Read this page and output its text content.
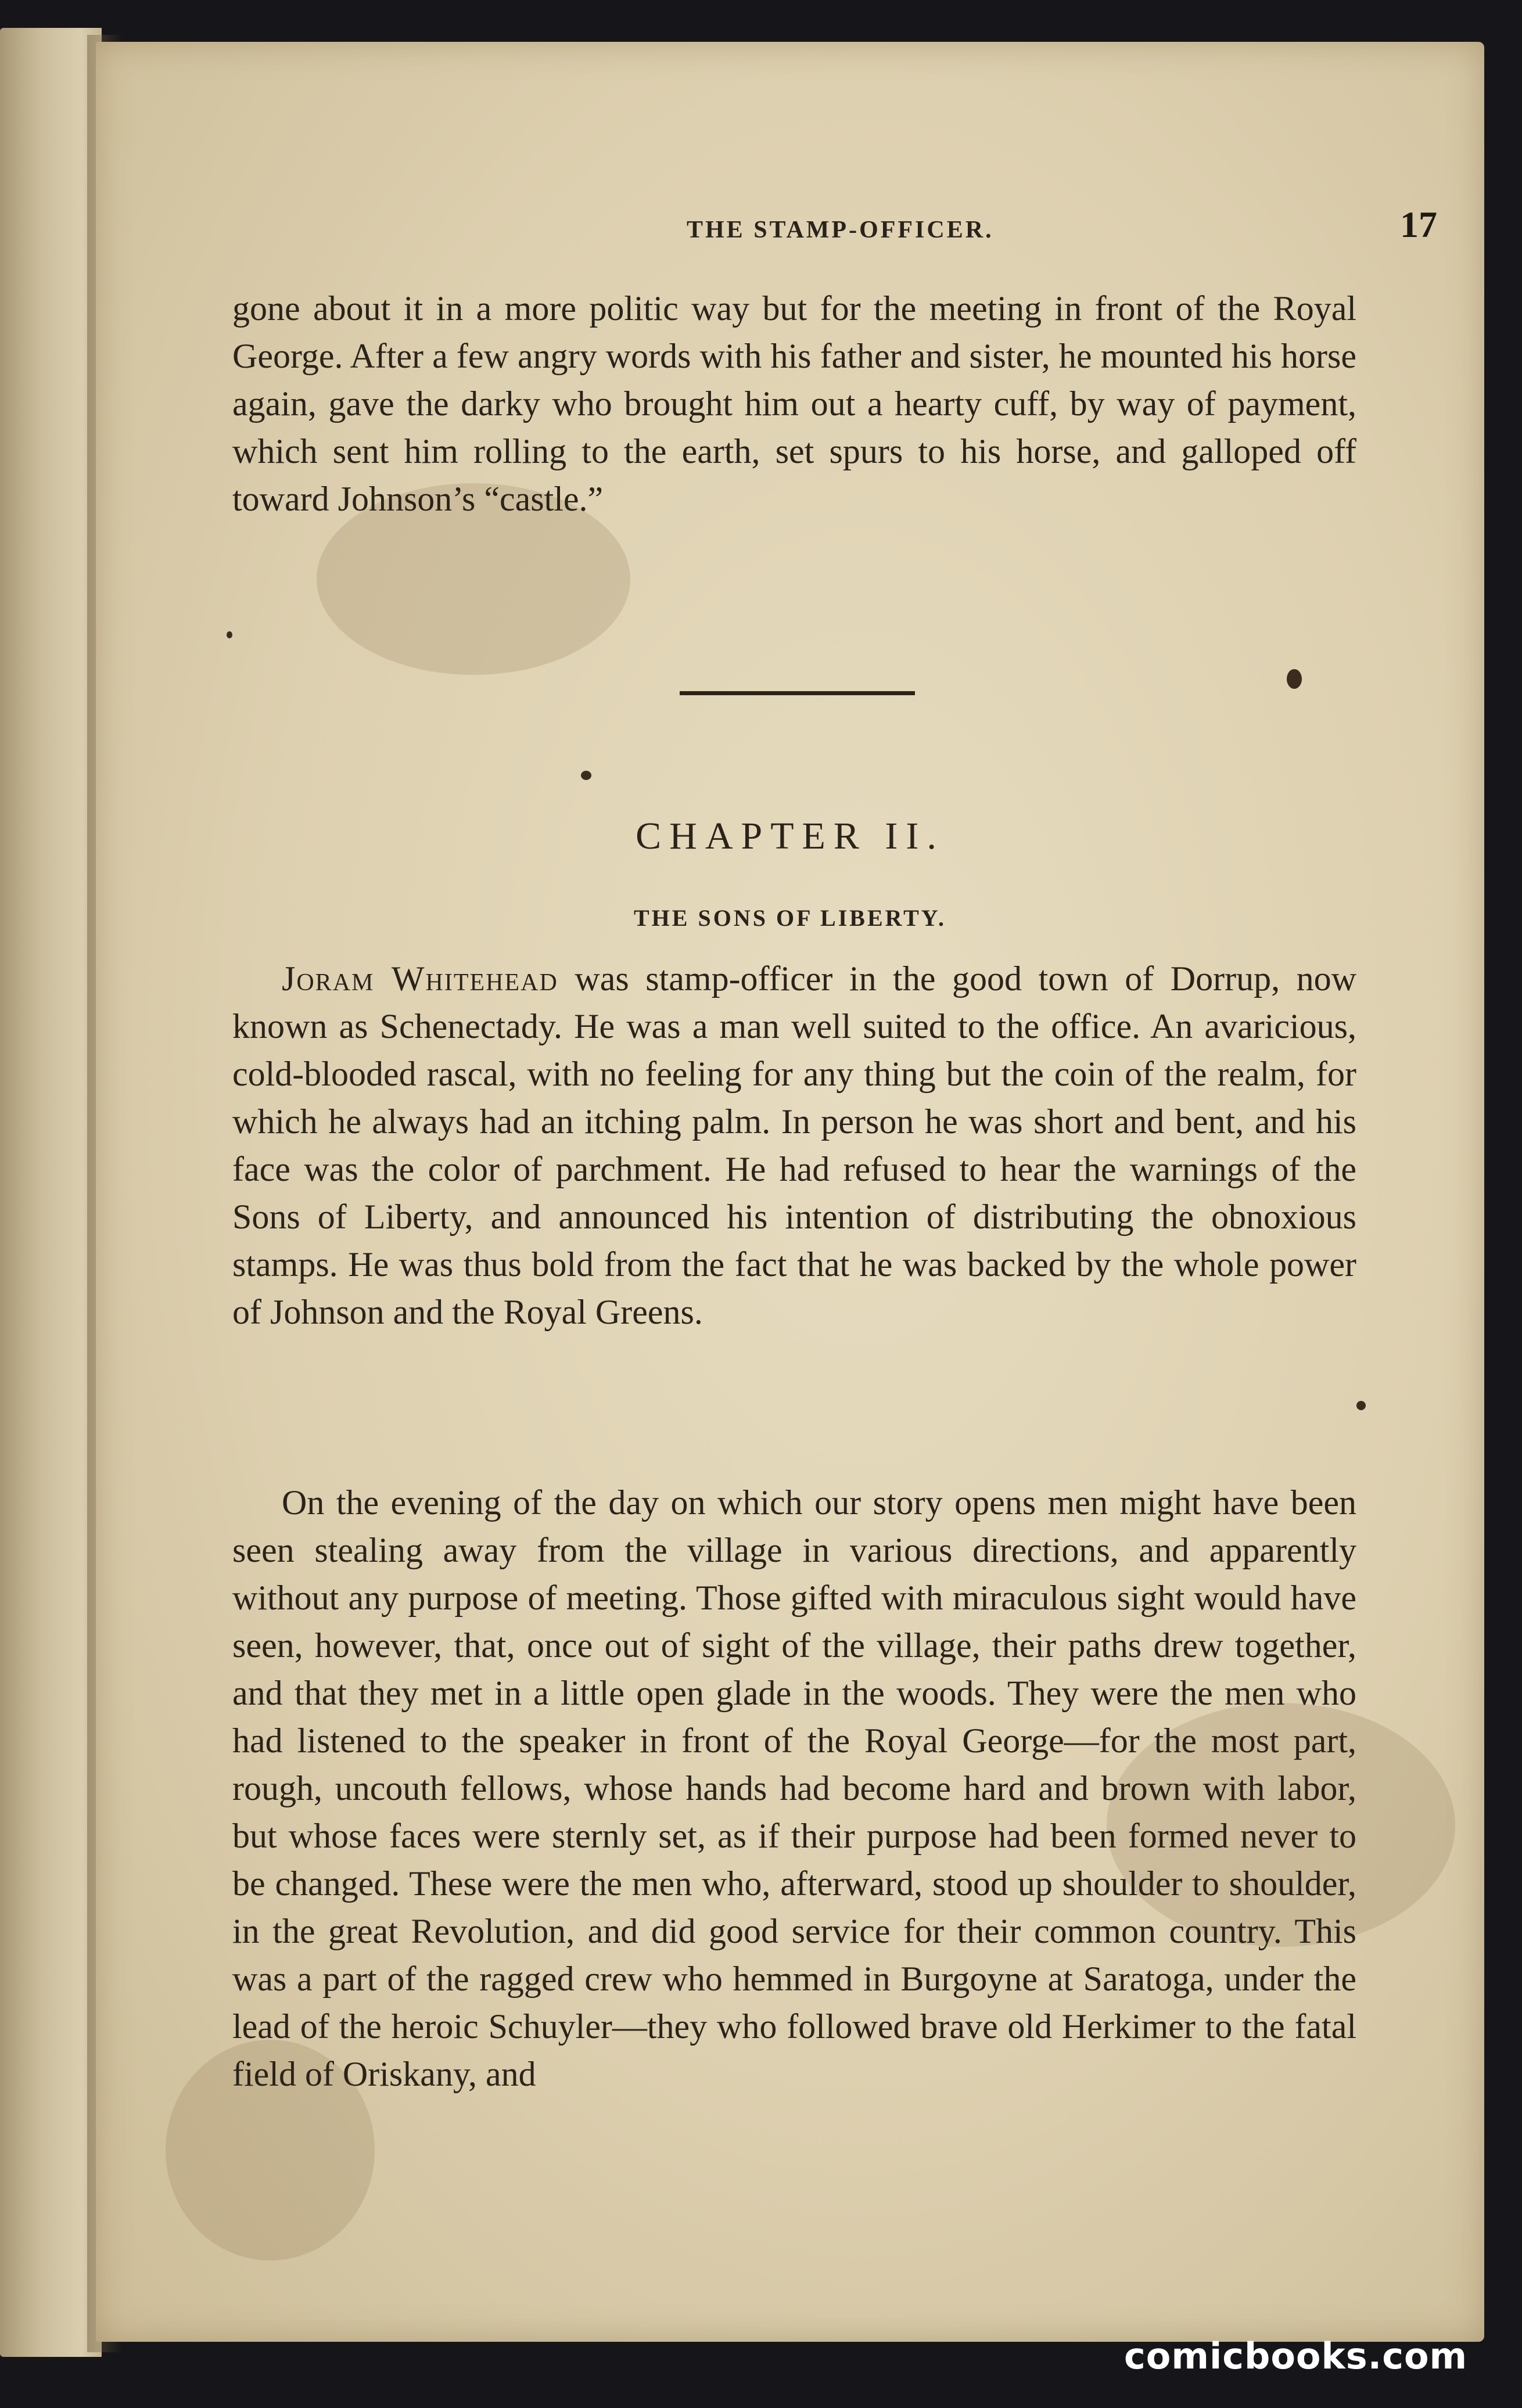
THE STAMP-OFFICER.	17

gone about it in a more politic way but for the meeting in front of the Royal George. After a few angry words with his father and sister, he mounted his horse again, gave the darky who brought him out a hearty cuff, by way of payment, which sent him rolling to the earth, set spurs to his horse, and galloped off toward Johnson’s “castle.”

CHAPTER II.

THE SONS OF LIBERTY.

Joram Whitehead was stamp-officer in the good town of Dorrup, now known as Schenectady. He was a man well suited to the office. An avaricious, cold-blooded rascal, with no feeling for any thing but the coin of the realm, for which he always had an itching palm. In person he was short and bent, and his face was the color of parchment. He had refused to hear the warnings of the Sons of Liberty, and announced his intention of distributing the obnoxious stamps. He was thus bold from the fact that he was backed by the whole power of Johnson and the Royal Greens.

On the evening of the day on which our story opens men might have been seen stealing away from the village in various directions, and apparently without any purpose of meeting. Those gifted with miraculous sight would have seen, however, that, once out of sight of the village, their paths drew together, and that they met in a little open glade in the woods. They were the men who had listened to the speaker in front of the Royal George—for the most part, rough, uncouth fellows, whose hands had become hard and brown with labor, but whose faces were sternly set, as if their purpose had been formed never to be changed. These were the men who, afterward, stood up shoulder to shoulder, in the great Revolution, and did good service for their common country. This was a part of the ragged crew who hemmed in Burgoyne at Saratoga, under the lead of the heroic Schuyler—they who followed brave old Herkimer to the fatal field of Oriskany, and

comicbooks.com
